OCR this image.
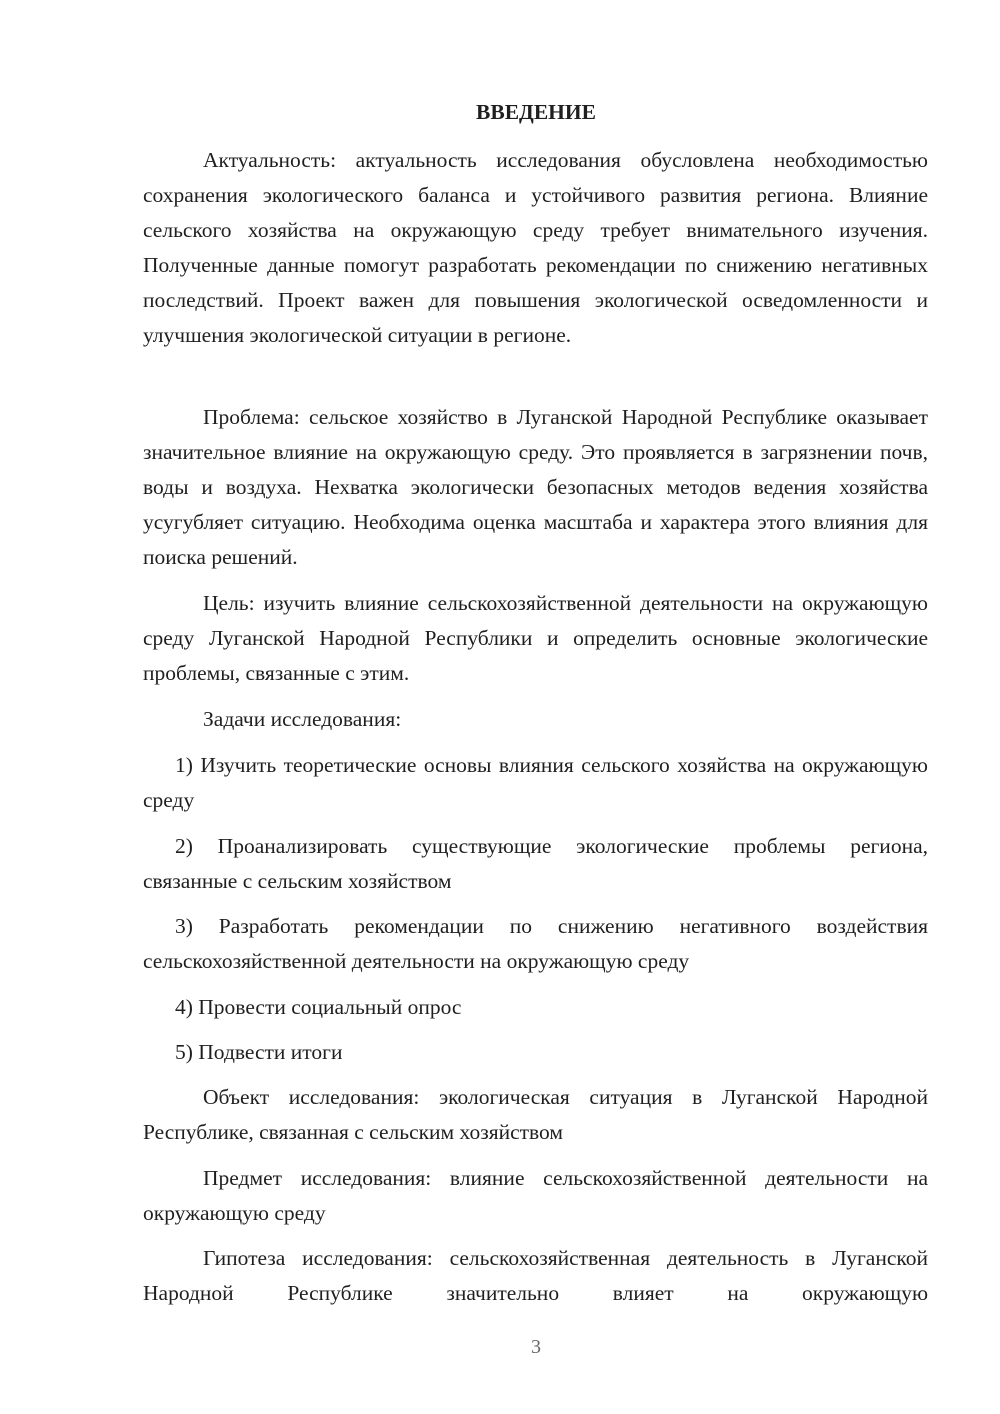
ВВЕДЕНИЕ

Актуальность: актуальность исследования обусловлена необходимостью сохранения экологического баланса и устойчивого развития региона. Влияние сельского хозяйства на окружающую среду требует внимательного изучения. Полученные данные помогут разработать рекомендации по снижению негативных последствий. Проект важен для повышения экологической осведомленности и улучшения экологической ситуации в регионе.

Проблема: сельское хозяйство в Луганской Народной Республике оказывает значительное влияние на окружающую среду. Это проявляется в загрязнении почв, воды и воздуха. Нехватка экологически безопасных методов ведения хозяйства усугубляет ситуацию. Необходима оценка масштаба и характера этого влияния для поиска решений.

Цель: изучить влияние сельскохозяйственной деятельности на окружающую среду Луганской Народной Республики и определить основные экологические проблемы, связанные с этим.

Задачи исследования:

1) Изучить теоретические основы влияния сельского хозяйства на окружающую среду

2) Проанализировать существующие экологические проблемы региона, связанные с сельским хозяйством

3) Разработать рекомендации по снижению негативного воздействия сельскохозяйственной деятельности на окружающую среду

4) Провести социальный опрос

5) Подвести итоги

Объект исследования: экологическая ситуация в Луганской Народной Республике, связанная с сельским хозяйством

Предмет исследования: влияние сельскохозяйственной деятельности на окружающую среду

Гипотеза исследования: сельскохозяйственная деятельность в Луганской Народной Республике значительно влияет на окружающую

3
